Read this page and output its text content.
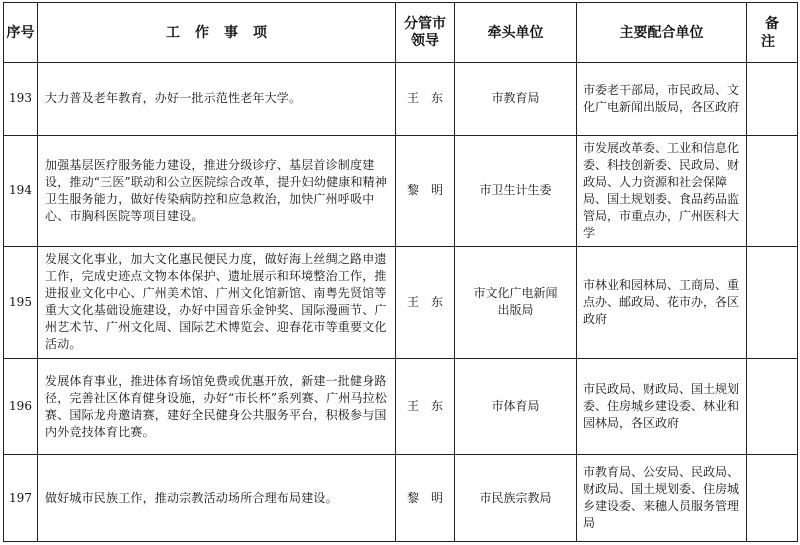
序号	工作事项	分管市领导	牵头单位	主要配合单位	备注
193	大力普及老年教育，办好一批示范性老年大学。	王　东	市教育局	市委老干部局，市民政局、文化广电新闻出版局，各区政府	
194	加强基层医疗服务能力建设，推进分级诊疗、基层首诊制度建设，推动“三医”联动和公立医院综合改革，提升妇幼健康和精神卫生服务能力，做好传染病防控和应急救治，加快广州呼吸中心、市胸科医院等项目建设。	黎　明	市卫生计生委	市发展改革委、工业和信息化委、科技创新委、民政局、财政局、人力资源和社会保障局、国土规划委、食品药品监管局，市重点办，广州医科大学	
195	发展文化事业，加大文化惠民便民力度，做好海上丝绸之路申遗工作，完成史迹点文物本体保护、遗址展示和环境整治工作，推进报业文化中心、广州美术馆、广州文化馆新馆、南粤先贤馆等重大文化基础设施建设，办好中国音乐金钟奖、国际漫画节、广州艺术节、广州文化周、国际艺术博览会、迎春花市等重要文化活动。	王　东	市文化广电新闻出版局	市林业和园林局、工商局、重点办、邮政局、花市办，各区政府	
196	发展体育事业，推进体育场馆免费或优惠开放，新建一批健身路径，完善社区体育健身设施，办好“市长杯”系列赛、广州马拉松赛、国际龙舟邀请赛，建好全民健身公共服务平台，积极参与国内外竞技体育比赛。	王　东	市体育局	市民政局、财政局、国土规划委、住房城乡建设委、林业和园林局，各区政府	
197	做好城市民族工作，推动宗教活动场所合理布局建设。	黎　明	市民族宗教局	市教育局、公安局、民政局、财政局、国土规划委、住房城乡建设委、来穗人员服务管理局	
